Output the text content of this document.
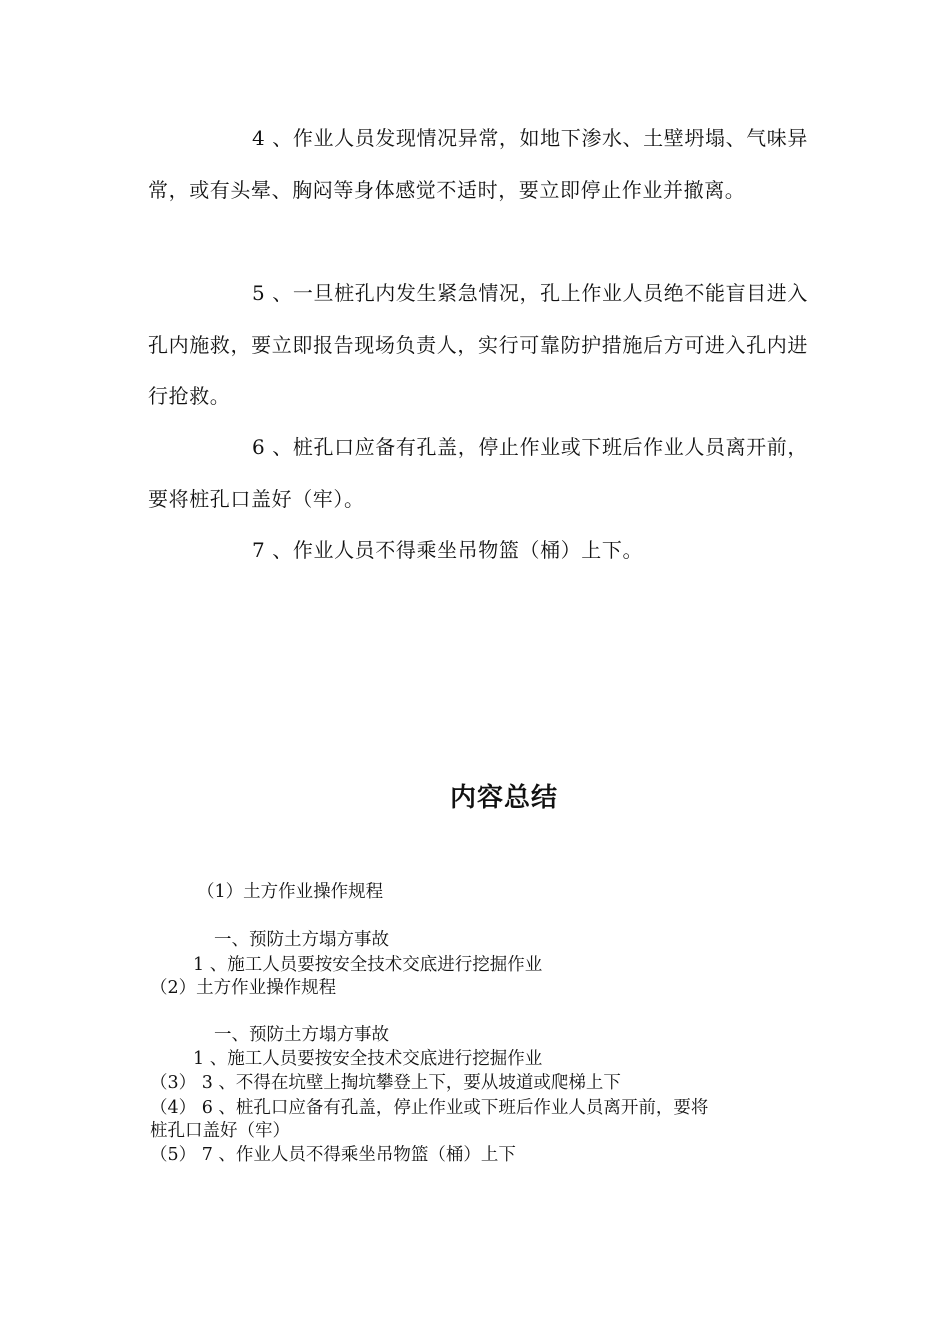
4 、作业人员发现情况异常，如地下渗水、土壁坍塌、气味异常，或有头晕、胸闷等身体感觉不适时，要立即停止作业并撤离。

5 、一旦桩孔内发生紧急情况，孔上作业人员绝不能盲目进入孔内施救，要立即报告现场负责人，实行可靠防护措施后方可进入孔内进行抢救。

6 、桩孔口应备有孔盖，停止作业或下班后作业人员离开前，要将桩孔口盖好（牢）。

7 、作业人员不得乘坐吊物篮（桶）上下。

内容总结

（1）土方作业操作规程

一、预防土方塌方事故

1 、施工人员要按安全技术交底进行挖掘作业

（2）土方作业操作规程

一、预防土方塌方事故

1 、施工人员要按安全技术交底进行挖掘作业

（3） 3 、不得在坑壁上掏坑攀登上下，要从坡道或爬梯上下

（4） 6 、桩孔口应备有孔盖，停止作业或下班后作业人员离开前，要将

桩孔口盖好（牢）

（5） 7 、作业人员不得乘坐吊物篮（桶）上下
